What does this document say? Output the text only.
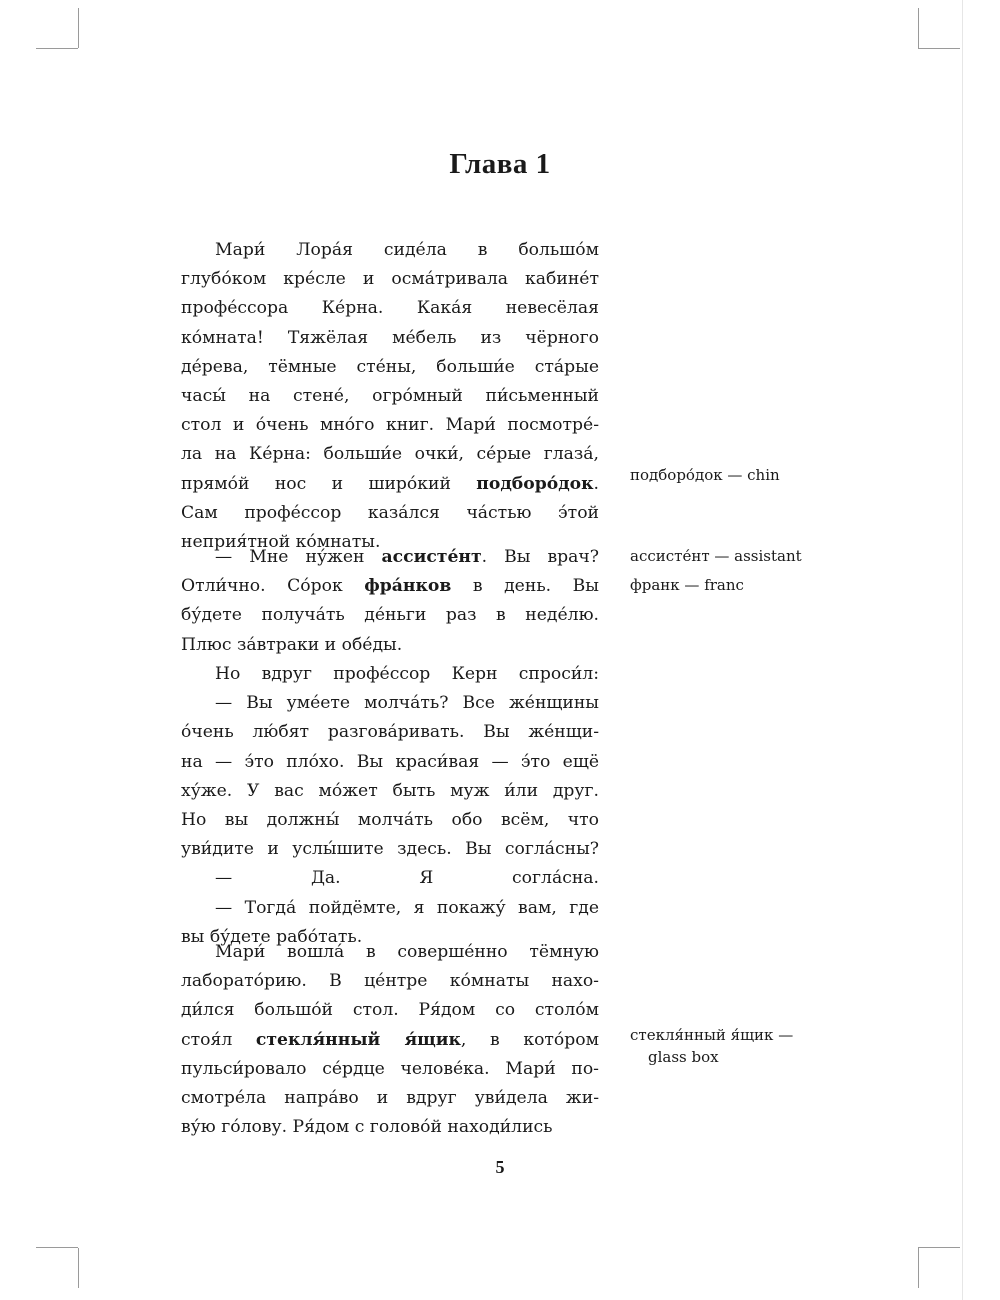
Глава 1
Мари́ Лора́я сиде́ла в большо́м
глубо́ком кре́сле и осма́тривала кабине́т
профе́ссора Ке́рна. Кака́я невесёлая
ко́мната! Тяжёлая ме́бель из чёрного
де́рева, тёмные сте́ны, больши́е ста́рые
часы́ на стене́, огро́мный пи́сьменный
стол и о́чень мно́го книг. Мари́ посмотре́-
ла на Ке́рна: больши́е очки́, се́рые глаза́,
прямо́й нос и широ́кий подборо́док.
Сам профе́ссор каза́лся ча́стью э́той
неприя́тной ко́мнаты.
— Мне ну́жен ассисте́нт. Вы врач?
Отли́чно. Со́рок фра́нков в день. Вы
бу́дете получа́ть де́ньги раз в неде́лю.
Плюс за́втраки и обе́ды.
Но вдруг профе́ссор Керн спроси́л:
— Вы уме́ете молча́ть? Все же́нщины
о́чень лю́бят разгова́ривать. Вы же́нщи-
на — э́то пло́хо. Вы краси́вая — э́то ещё
ху́же. У вас мо́жет быть муж и́ли друг.
Но вы должны́ молча́ть обо всём, что
уви́дите и услы́шите здесь. Вы согла́сны?
— Да. Я согла́сна.
— Тогда́ пойдёмте, я покажу́ вам, где
вы бу́дете рабо́тать.
Мари́ вошла́ в соверше́нно тёмную
лаборато́рию. В це́нтре ко́мнаты нахо-
ди́лся большо́й стол. Ря́дом со столо́м
стоя́л стекля́нный я́щик, в кото́ром
пульси́ровало се́рдце челове́ка. Мари́ по-
смотре́ла напра́во и вдруг уви́дела жи-
ву́ю го́лову. Ря́дом с голово́й находи́лись
подборо́док — chin
ассисте́нт — assistant
франк — franc
стекля́нный я́щик —
glass box
5
